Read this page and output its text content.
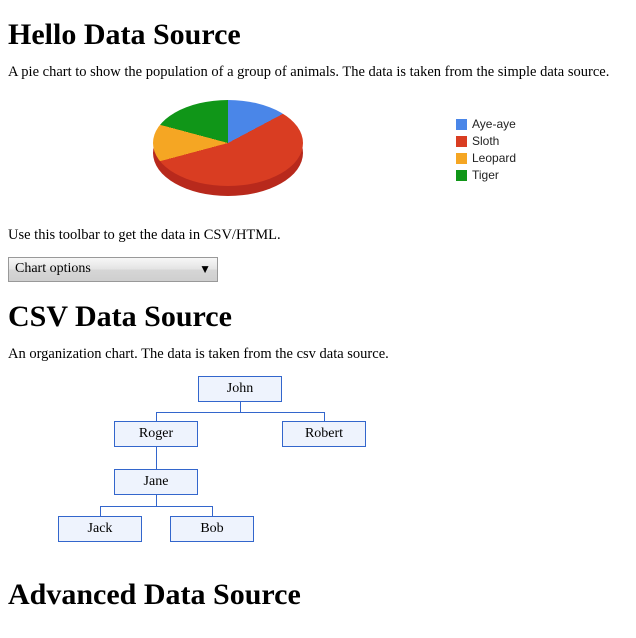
Hello Data Source

A pie chart to show the population of a group of animals. The data is taken from the simple data source.

Aye-aye
Sloth
Leopard
Tiger

Use this toolbar to get the data in CSV/HTML.

Chart options	▼
CSV Data Source

An organization chart. The data is taken from the csv data source.

John
Roger	Robert
Jane
Jack	Bob
Advanced Data Source
